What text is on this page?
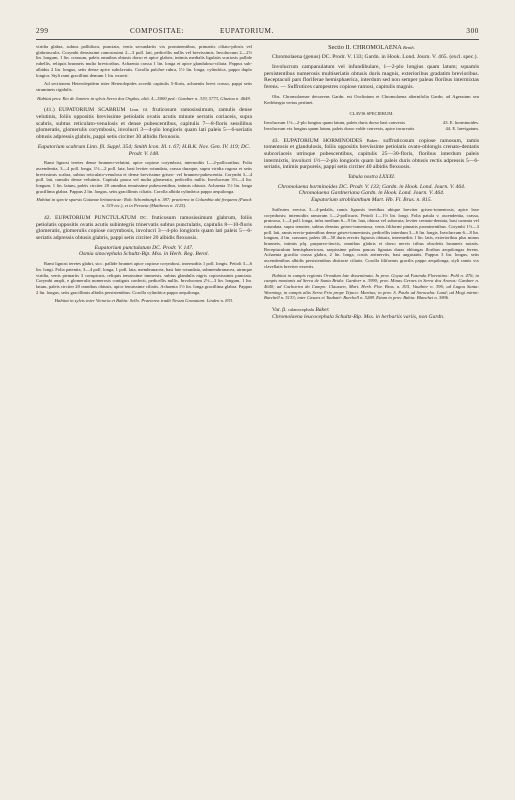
299	COMPOSITAE:	EUPATORIUM.	300

viridia glabra, subtus pallidiora, punctata, venis secundariis vix prominentibus, primariis ciliato-pilosis vel glabriusculis. Corymbi densissimi ramosissimi 2—3 poll. lati, pedicellis nullis vel brevissimis. Involucrum 2—2½ lin. longum, 1 lin. crassum, paleis omnibus obtusis dorso et apice glabris, intimis medialis ligulatis scariosis pallide rubellis, reliquis brunneis multo brevioribus. Achaenia crassa 1 lin. longa et apice glanduloso-ciliata. Pappus sub-albidus 2 lin. longus, setis dense apice subclavatis. Corolla pulchre rubra, 1½ lin. longa, cylindrica, pappo duplo longior. Styli rami gracillimi demum 1 lin. exserti.

Ad sectionem Heterolepidem inter Heterolepides accedit capitulis 5-floris, achaeniis brevi crasso, pappi setis strumineis rigidulis.

Habitat prov. Rio de Janeiro in sylvis Serra dos Orgãos, altit. 4—5000 ped.: Gardner n. 319, 5773, Glaziou n. 4649.

(41.) EUPATORIUM SCABRUM Linn. fil. fruticosum ramosissimum, ramulis dense velutinis, foliis oppositis brevissime petiolatis ovatis acutis minute serratis coriaceis, supra scabris, subtus reticulato-venulosis et dense pubescentibus, capitulis 7—8-floris sessilibus glomeratis, glomerulis corymbosis, involucri 3—4-plo longioris quam lati paleis 5—6-seriatis obtusis adpressis glabris, pappi setis circiter 30 albidis flexuosis.

Eupatorium scabrum Linn. fil. Suppl. 354; Smith Icon. Ill. t. 67; H.B.K. Nov. Gen. IV. 119; DC. Prodr. V. 148.

Rami lignosi teretes dense brunneo-velutini, apice copiose corymbosi, internodiis 1—2-pollicaribus. Folia ascendentia, 3—4 poll. longa, 1½—2 poll. lata, basi leviter rotundata, crassa duraque, supra viridia rugosa et setis brevissimis scabra, subtus reticulato-venulosa et dense brevissime griseo- vel brunneo-pubescentia. Corymbi 3—4 poll. lati, ramulis dense velutinis. Capitula pauca vel multa glomerata, pedicellis nullis. Involucrum 3½—4 lin. longum, 1 lin. latum, paleis circiter 20 omnibus tenuissime pubescentibus, intimis obtusis. Achaenia 1½ lin. longa gracillima glabra. Pappus 2 lin. longus, setis gracillimis ciliatis. Corolla albida cylindrica pappo aequilonga.

Habitat in specie sparsis Guianae britannicae: Rob. Schomburgk n. 387; praeterea in Columbia ubi frequens (Funck n. 519 etc.), et in Peruvia (Matthews n. 1125).

42. EUPATORIUM PUNCTULATUM DC. fruticosum ramosissimum glabrum, foliis petiolatis oppositis ovatis acutis subintegris trinervatis subtus punctulatis, capitulis 8—10-floris glomeratis, glomerulis copiose corymbosis, involucri 3—4-plo longioris quam lati paleis 5—6-seriatis adpressis obtusis glabris, pappi setis circiter 20 albidis flexuosis.

Eupatorium punctulatum DC. Prodr. V. 147.

Osmia sinocephala Schultz-Bip. Mss. in Herb. Reg. Berol.

Rami lignosi teretes glabri, sicc. pallide brunnei apice copiose corymbosi, internodiis 1 poll. longis. Petioli 3—6 lin. longi. Folia patentia, 3—4 poll. longa, 1 poll. lata, membranacea, basi late rotundata, submembranacea, utrinque viridia, venis primariis 3 conspicuis, reliquis tenuissime immersis, subtus glandulis nigris copiosissimis punctata. Corymbi ampli, e glomerulis numerosis contiguis confecti, pedicellis nullis. Involucrum 2½—3 lin. longum, 1 lin. latum, paleis circiter 20 omnibus obtusis, apice tenuissime ciliatis. Achaenia 1½ lin. longa gracillima glabra. Pappus 2 lin. longus, setis gracillimis albidis persistentibus. Corolla cylindrica pappo aequilonga.

Habitat in sylvis inter Victoria et Bahia: Sello. Praeterea tradit Nessm Granatam: Linden n. 833.

Sectio II. CHROMOLAENA Benth.

Chromolaena (genus) DC. Prodr. V. 133; Gardn. in Hook. Lond. Journ. V. 465. (excl. spec.).

Involucrum campanulatum vel infundibulare, 1—2-plo longius quam latum; squamis persistentibus numerosis multiseriatis obtusis duris magnis, exterioribus gradatim brevioribus. Receptaculi pars floriferae hemisphaerica, interdum sed non semper paleas floribus intermixtas ferens. — Suffrutices campestres copiose ramosi, capitulis magnis.

Obs. Chromolaenae decurrens Gardn. est Ooclinium et Chromolaena alternifolia Gardn. ad Ageratum seu Kedsbergia verius pertinet.

CLAVIS SPECIERUM.

Involucrum 1½—2-plo longius quam latum, paleis duris dorso basi convexis	43. E. horminoides.
Involucrum vix longius quam latum, paleis dorso valde convexis, apice incurvatis	44. E. laevigatum.

43. EUPATORIUM HORMINOIDES Baker: suffruticosum copiose ramosum, ramis tomentosis et glandulosis, foliis oppositis brevissime petiolatis ovato-oblongis crenato-dentatis subcoriaceis utrinque pubescentibus, capitulis 25—30-floris, floribus interdum paleis intermixtis, involucri 1½—2-plo longioris quam lati paleis duris obtusis rectis adpressis 5—6-seriatis, intimis purpureis, pappi setis circiter 40 albidis flexuosis.

Tabula nostra LXXXI.

Chromolaena horminoides DC. Prodr. V. 133; Gardn. in Hook. Lond. Journ. V. 464.

Chromolaena Gardneriana Gardn. in Hook. Lond. Journ. V. 464.

Eupatorium strobilanthum Mart. Hb. Fl. Bras. n. 815.

Suffrutex erectus 3—4-pedalis, ramis lignosis teretibus ubique breviter griseo-tomentosis, apice laxe corymbosis; internodiis ramorum 1—2-pollicaris. Petioli 1—1½ lin. longi. Folia patula v. ascendentia, crassa, pruinosa, 1—2 poll. longa, infra medium 6—9 lin. lata, obtusa vel subacuta, leviter crenato-dentata, basi cuneata vel rotundata, supra tenuiter, subtus densius griseo-tomentosa, venis filiformi pinnatis prominentibus. Corymbi 1½—3 poll. lati, ramis erecto-patentibus dense griseo-tomentosis, pedicellis interdum 3—6 lin. longis. Involucrum 6—8 lin. longum, 4 lin. crassum, paleis 40—50 duris erectis lignosis obtusis, intermediis 1 lin. latis, exterioribus plus minus brunneis, intimis plq. purpureo-tinctis, omnibus glabris et dorso nervis tribus obsoletis brunneis notatis. Receptaculum hemisphaericum, saepissime paleas paucas lignatas duras oblongas floribus aequilongas ferens. Achaenia gracilia crassa glabra, 2 lin. longa, costis atrinerviis, basi angustatis. Pappus 3 lin. longus, setis ascendentibus albidis persistentibus distincte ciliatis. Corolla filiformis gracilis pappo aequilonga, styli ramis vix clavellatis breviter exsertis.

Habitat in campis regionis Orvadum late disseminata. In prov. Goyaz ad Fazenda Florentino: Pohl n. 476; in campis montanis ad Serra de Santa Brida: Gardner n. 3990; prov. Minas Geraes in Serra dos Araras: Gardner n. 4640; ad Cachoeira do Campo: Claussen, Mart. Herb. Flor. Bras. n. 815, Vauthier n. 396; ad Lagoa Santa: Warming; in campis altis Serra Frio prope Tejuco: Martius; in prov. S. Paulo ad Sorocaba: Lund; ad Mogi mirim: Burchell n. 5133; inter Casaes et Taubaté: Burchell n. 5288. Etiam in prov. Bahia: Blanchet n. 3806.

Var. β. calanocephala Baker.

Chromolaena leucocephala Schultz-Bip. Mss. in herbariis variis, non Gardn.
